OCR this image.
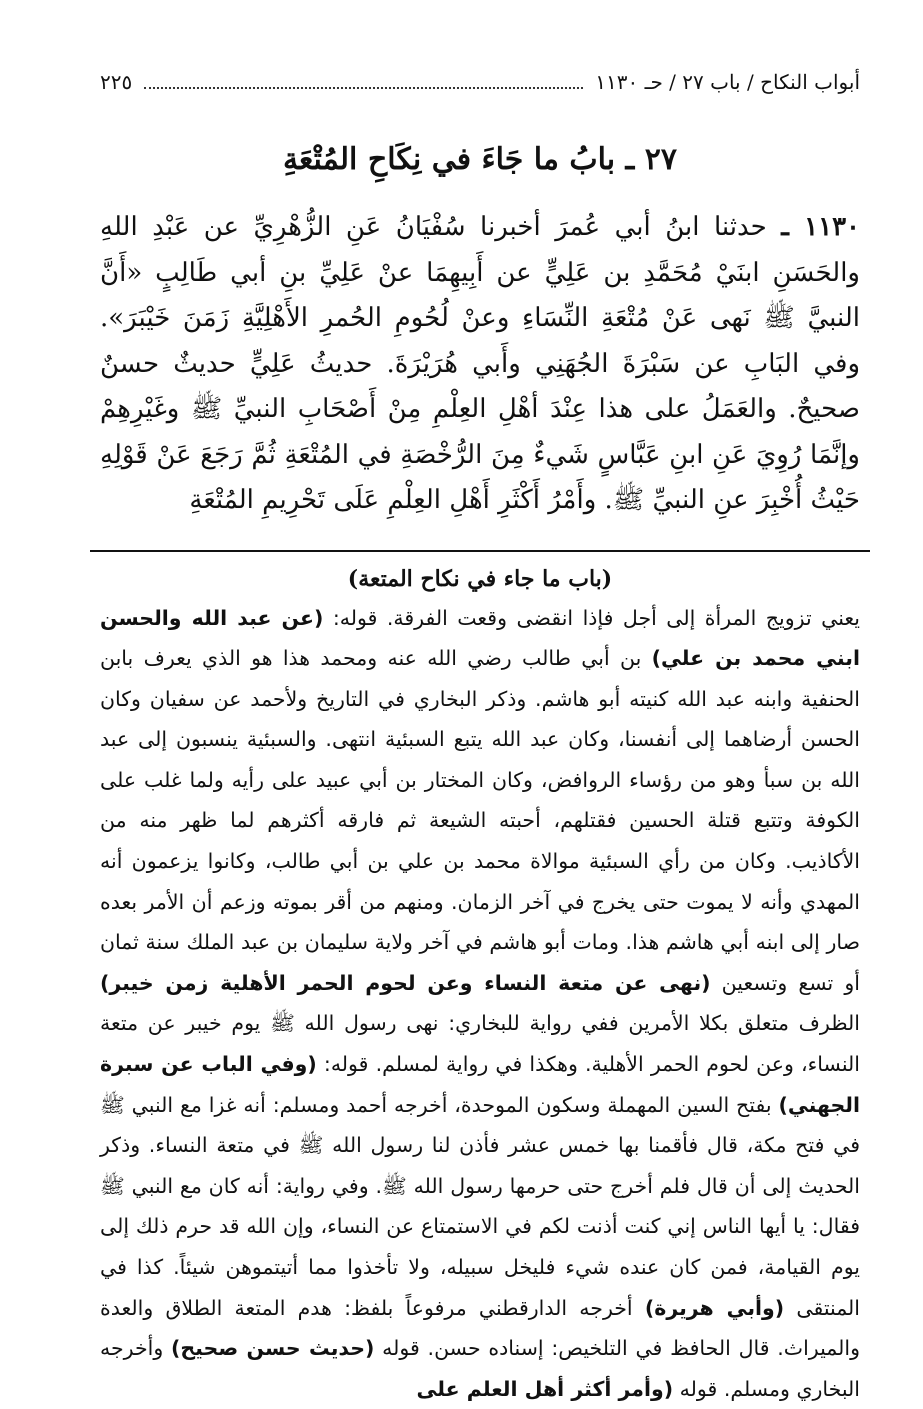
أبواب النكاح / باب ٢٧ / حـ ١١٣٠
٢٢٥
٢٧ ـ بابُ ما جَاءَ في نِكَاحِ المُتْعَةِ
١١٣٠ ـ حدثنا ابنُ أبي عُمرَ أخبرنا سُفْيَانُ عَنِ الزُّهْرِيِّ عن عَبْدِ اللهِ والحَسَنِ ابنَيْ مُحَمَّدِ بن عَلِيٍّ عن أَبِيهِمَا عنْ عَلِيِّ بنِ أبي طَالِبٍ «أَنَّ النبيَّ ﷺ نَهى عَنْ مُتْعَةِ النِّسَاءِ وعنْ لُحُومِ الحُمرِ الأَهْلِيَّةِ زَمَنَ خَيْبَرَ». وفي البَابِ عن سَبْرَةَ الجُهَنِي وأَبي هُرَيْرَةَ. حديثُ عَلِيٍّ حديثٌ حسنٌ صحيحٌ. والعَمَلُ على هذا عِنْدَ أهْلِ العِلْمِ مِنْ أَصْحَابِ النبيِّ ﷺ وغَيْرِهِمْ وإنَّمَا رُوِيَ عَنِ ابنِ عَبَّاسٍ شَيءٌ مِنَ الرُّخْصَةِ في المُتْعَةِ ثُمَّ رَجَعَ عَنْ قَوْلِهِ حَيْثُ أُخْبِرَ عنِ النبيِّ ﷺ. وأَمْرُ أَكْثَرِ أَهْلِ العِلْمِ عَلَى تَحْرِيمِ المُتْعَةِ
(باب ما جاء في نكاح المتعة)
يعني تزويج المرأة إلى أجل فإذا انقضى وقعت الفرقة. قوله: (عن عبد الله والحسن ابني محمد بن علي) بن أبي طالب رضي الله عنه ومحمد هذا هو الذي يعرف بابن الحنفية وابنه عبد الله كنيته أبو هاشم. وذكر البخاري في التاريخ ولأحمد عن سفيان وكان الحسن أرضاهما إلى أنفسنا، وكان عبد الله يتبع السبئية انتهى. والسبئية ينسبون إلى عبد الله بن سبأ وهو من رؤساء الروافض، وكان المختار بن أبي عبيد على رأيه ولما غلب على الكوفة وتتبع قتلة الحسين فقتلهم، أحبته الشيعة ثم فارقه أكثرهم لما ظهر منه من الأكاذيب. وكان من رأي السبئية موالاة محمد بن علي بن أبي طالب، وكانوا يزعمون أنه المهدي وأنه لا يموت حتى يخرج في آخر الزمان. ومنهم من أقر بموته وزعم أن الأمر بعده صار إلى ابنه أبي هاشم هذا. ومات أبو هاشم في آخر ولاية سليمان بن عبد الملك سنة ثمان أو تسع وتسعين (نهى عن متعة النساء وعن لحوم الحمر الأهلية زمن خيبر) الظرف متعلق بكلا الأمرين ففي رواية للبخاري: نهى رسول الله ﷺ يوم خيبر عن متعة النساء، وعن لحوم الحمر الأهلية. وهكذا في رواية لمسلم. قوله: (وفي الباب عن سبرة الجهني) بفتح السين المهملة وسكون الموحدة، أخرجه أحمد ومسلم: أنه غزا مع النبي ﷺ في فتح مكة، قال فأقمنا بها خمس عشر فأذن لنا رسول الله ﷺ في متعة النساء. وذكر الحديث إلى أن قال فلم أخرج حتى حرمها رسول الله ﷺ. وفي رواية: أنه كان مع النبي ﷺ فقال: يا أيها الناس إني كنت أذنت لكم في الاستمتاع عن النساء، وإن الله قد حرم ذلك إلى يوم القيامة، فمن كان عنده شيء فليخل سبيله، ولا تأخذوا مما أتيتموهن شيئاً. كذا في المنتقى (وأبي هريرة) أخرجه الدارقطني مرفوعاً بلفظ: هدم المتعة الطلاق والعدة والميراث. قال الحافظ في التلخيص: إسناده حسن. قوله (حديث حسن صحيح) وأخرجه البخاري ومسلم. قوله (وأمر أكثر أهل العلم على
